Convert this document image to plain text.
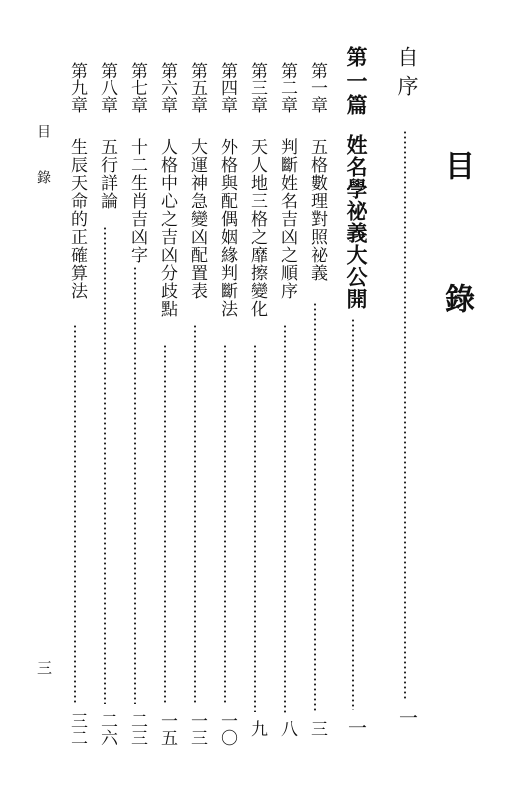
目 錄
自序
一
第一篇
姓名學祕義大公開
一
第一章
五格數理對照祕義
三
第二章
判斷姓名吉凶之順序
八
第三章
天人地三格之靡擦變化
九
第四章
外格與配偶姻緣判斷法
一〇
第五章
大運神急變凶配置表
一三
第六章
人格中心之吉凶分歧點
一五
第七章
十二生肖吉凶字
二三
第八章
五行詳論
二六
第九章
生辰天命的正確算法
三二
目 錄
三
